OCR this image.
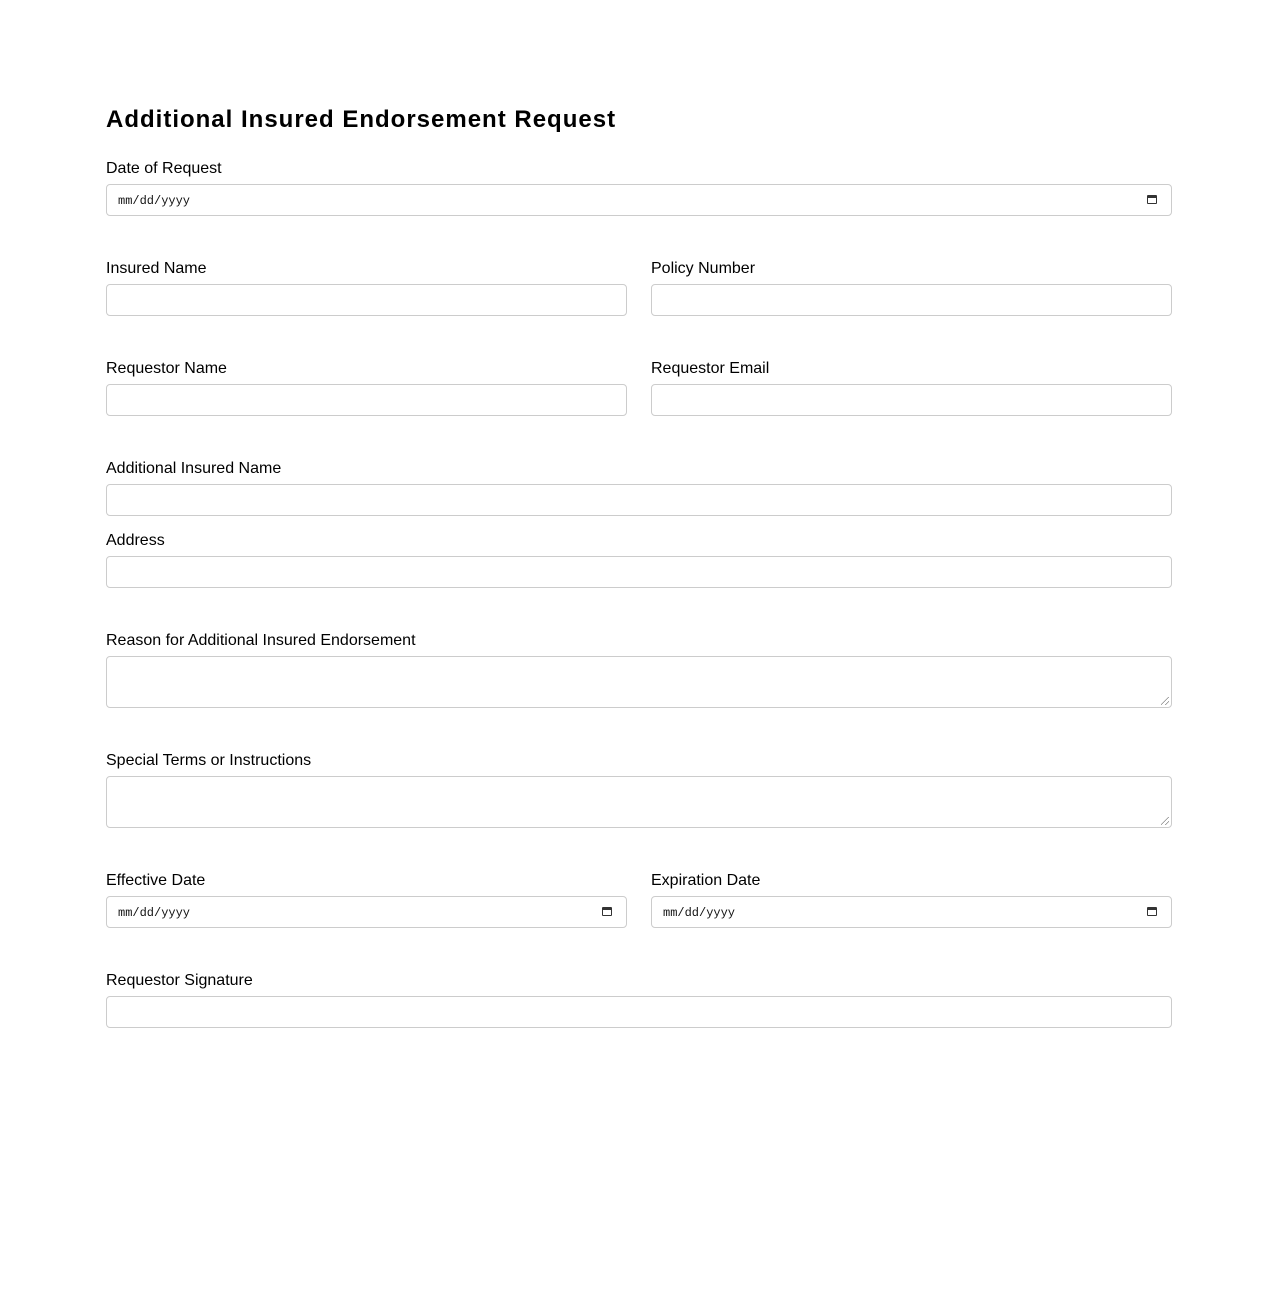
Additional Insured Endorsement Request
Date of Request
mm/dd/yyyy
Insured Name	Policy Number
Requestor Name	Requestor Email
Additional Insured Name
Address
Reason for Additional Insured Endorsement
Special Terms or Instructions
Effective Date
mm/dd/yyyy
Expiration Date
mm/dd/yyyy
Requestor Signature
